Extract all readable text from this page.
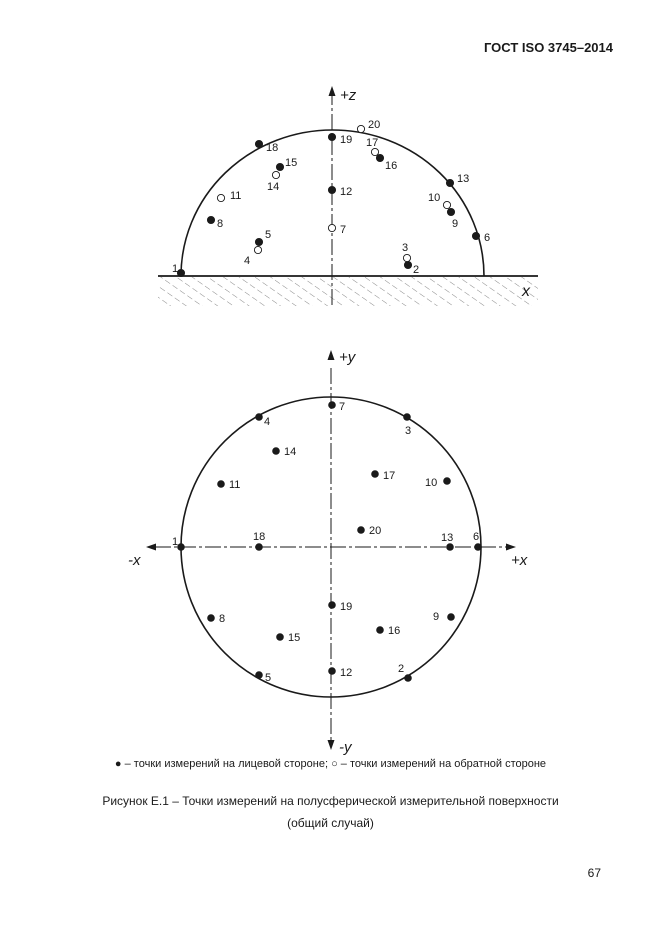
ГОСТ ISO 3745–2014
+z
x
1	2
3
4
5	6
7
8	9
10
11	12
13
14
15	16
17
18
19
20
+y
-y
-x	+x
1
2
3
4
5
6
7
8	9
10
11
12
13
14
15
16
17
18
19
20
● – точки измерений на лицевой стороне; ○ – точки измерений на обратной стороне
Рисунок Е.1 – Точки измерений на полусферической измерительной поверхности
(общий случай)
67
